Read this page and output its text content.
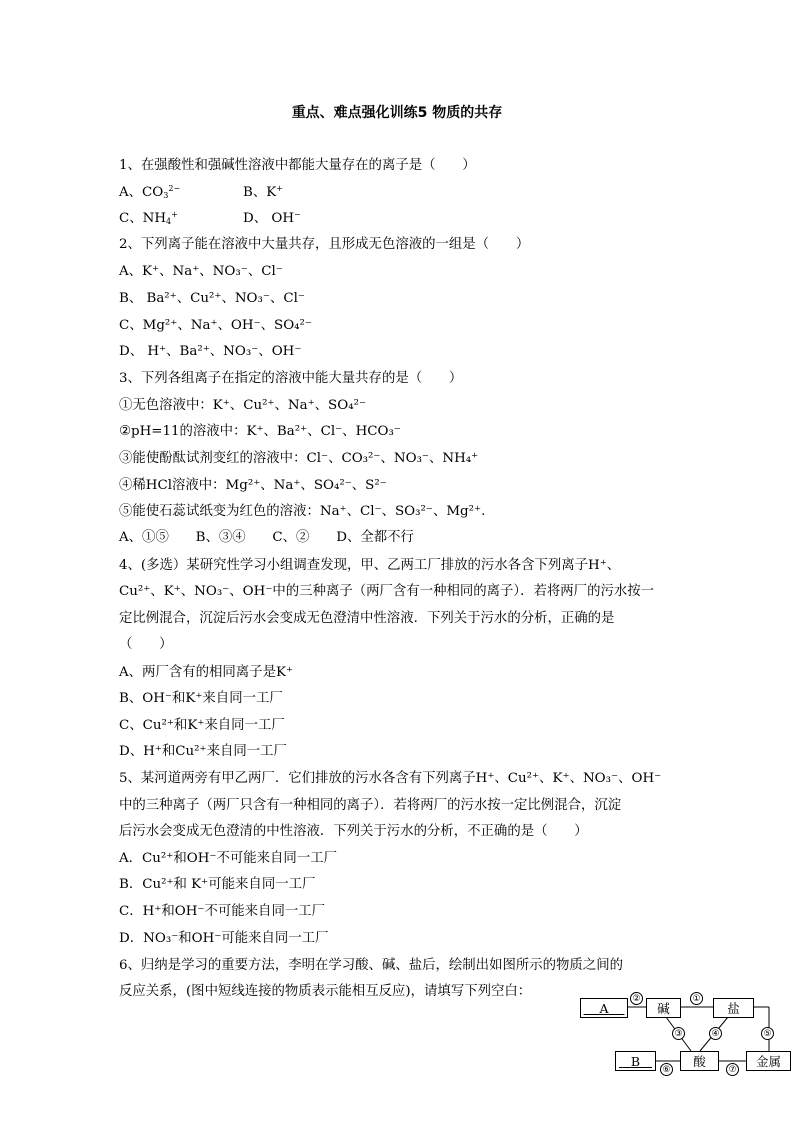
重点、难点强化训练5 物质的共存
1、在强酸性和强碱性溶液中都能大量存在的离子是（　　）
A、$CO_3^{2-}$	B、K+
C、$NH_4^+$	D、 OH−
2、下列离子能在溶液中大量共存，且形成无色溶液的一组是（　　）
A、K⁺、Na⁺、NO₃⁻、Cl⁻
B、 Ba²⁺、Cu²⁺、NO₃⁻、Cl⁻
C、Mg²⁺、Na⁺、OH⁻、SO₄²⁻
D、 H⁺、Ba²⁺、NO₃⁻、OH⁻
3、下列各组离子在指定的溶液中能大量共存的是（　　）
①无色溶液中：K⁺、Cu²⁺、Na⁺、SO₄²⁻
②pH=11的溶液中：K⁺、Ba²⁺、Cl⁻、HCO₃⁻
③能使酚酞试剂变红的溶液中：Cl⁻、CO₃²⁻、NO₃⁻、NH₄⁺
④稀HCl溶液中：Mg²⁺、Na⁺、SO₄²⁻、S²⁻
⑤能使石蕊试纸变为红色的溶液：Na⁺、Cl⁻、SO₃²⁻、Mg²⁺.
A、①⑤　　B、③④　　C、②　　D、全都不行
4、(多选）某研究性学习小组调查发现，甲、乙两工厂排放的污水各含下列离子H⁺、
Cu²⁺、K⁺、NO₃⁻、OH⁻中的三种离子（两厂含有一种相同的离子）．若将两厂的污水按一
定比例混合，沉淀后污水会变成无色澄清中性溶液．下列关于污水的分析，正确的是
（　　）
A、两厂含有的相同离子是K⁺
B、OH⁻和K⁺来自同一工厂
C、Cu²⁺和K⁺来自同一工厂
D、H⁺和Cu²⁺来自同一工厂
5、某河道两旁有甲乙两厂．它们排放的污水各含有下列离子H⁺、Cu²⁺、K⁺、NO₃⁻、OH⁻
中的三种离子（两厂只含有一种相同的离子）．若将两厂的污水按一定比例混合，沉淀
后污水会变成无色澄清的中性溶液．下列关于污水的分析，不正确的是（　　）
A．Cu²⁺和OH⁻不可能来自同一工厂
B．Cu²⁺和 K⁺可能来自同一工厂
C．H⁺和OH⁻不可能来自同一工厂
D．NO₃⁻和OH⁻可能来自同一工厂
6、归纳是学习的重要方法，李明在学习酸、碱、盐后，绘制出如图所示的物质之间的
反应关系，(图中短线连接的物质表示能相互反应)，请填写下列空白：
A	碱	盐
B	酸	金属
②	①
③	④	⑤
⑥	⑦
